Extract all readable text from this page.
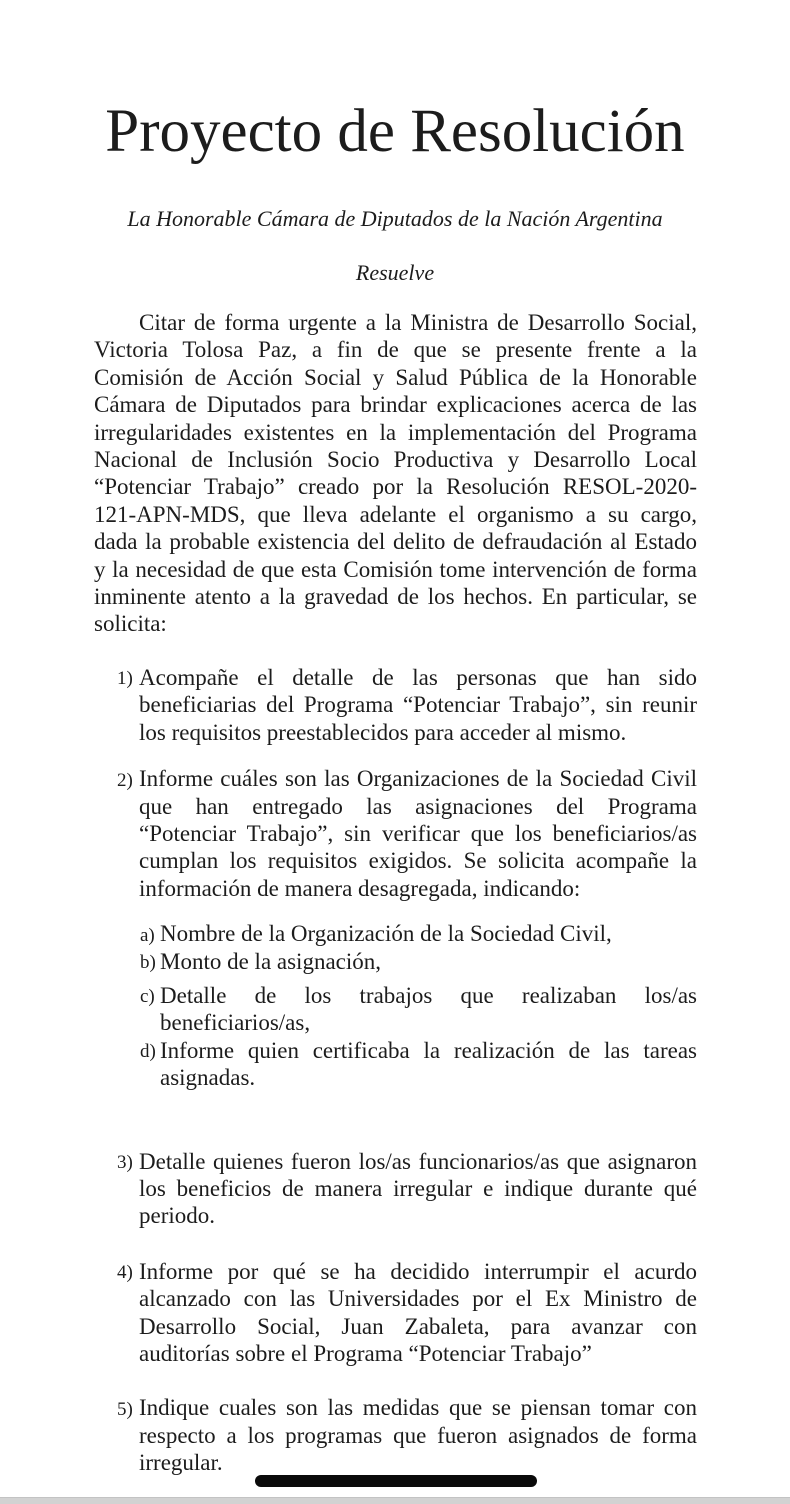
Proyecto de Resolución
La Honorable Cámara de Diputados de la Nación Argentina
Resuelve
Citar de forma urgente a la Ministra de Desarrollo Social,
Victoria Tolosa Paz, a fin de que se presente frente a la
Comisión de Acción Social y Salud Pública de la Honorable
Cámara de Diputados para brindar explicaciones acerca de las
irregularidades existentes en la implementación del Programa
Nacional de Inclusión Socio Productiva y Desarrollo Local
“Potenciar Trabajo” creado por la Resolución RESOL-2020-
121-APN-MDS, que lleva adelante el organismo a su cargo,
dada la probable existencia del delito de defraudación al Estado
y la necesidad de que esta Comisión tome intervención de forma
inminente atento a la gravedad de los hechos. En particular, se
solicita:
1) Acompañe el detalle de las personas que han sido
beneficiarias del Programa “Potenciar Trabajo”, sin reunir
los requisitos preestablecidos para acceder al mismo.
2) Informe cuáles son las Organizaciones de la Sociedad Civil
que han entregado las asignaciones del Programa
“Potenciar Trabajo”, sin verificar que los beneficiarios/as
cumplan los requisitos exigidos. Se solicita acompañe la
información de manera desagregada, indicando:
a) Nombre de la Organización de la Sociedad Civil,
b) Monto de la asignación,
c) Detalle de los trabajos que realizaban los/as
beneficiarios/as,
d) Informe quien certificaba la realización de las tareas
asignadas.
3) Detalle quienes fueron los/as funcionarios/as que asignaron
los beneficios de manera irregular e indique durante qué
periodo.
4) Informe por qué se ha decidido interrumpir el acurdo
alcanzado con las Universidades por el Ex Ministro de
Desarrollo Social, Juan Zabaleta, para avanzar con
auditorías sobre el Programa “Potenciar Trabajo”
5) Indique cuales son las medidas que se piensan tomar con
respecto a los programas que fueron asignados de forma
irregular.
